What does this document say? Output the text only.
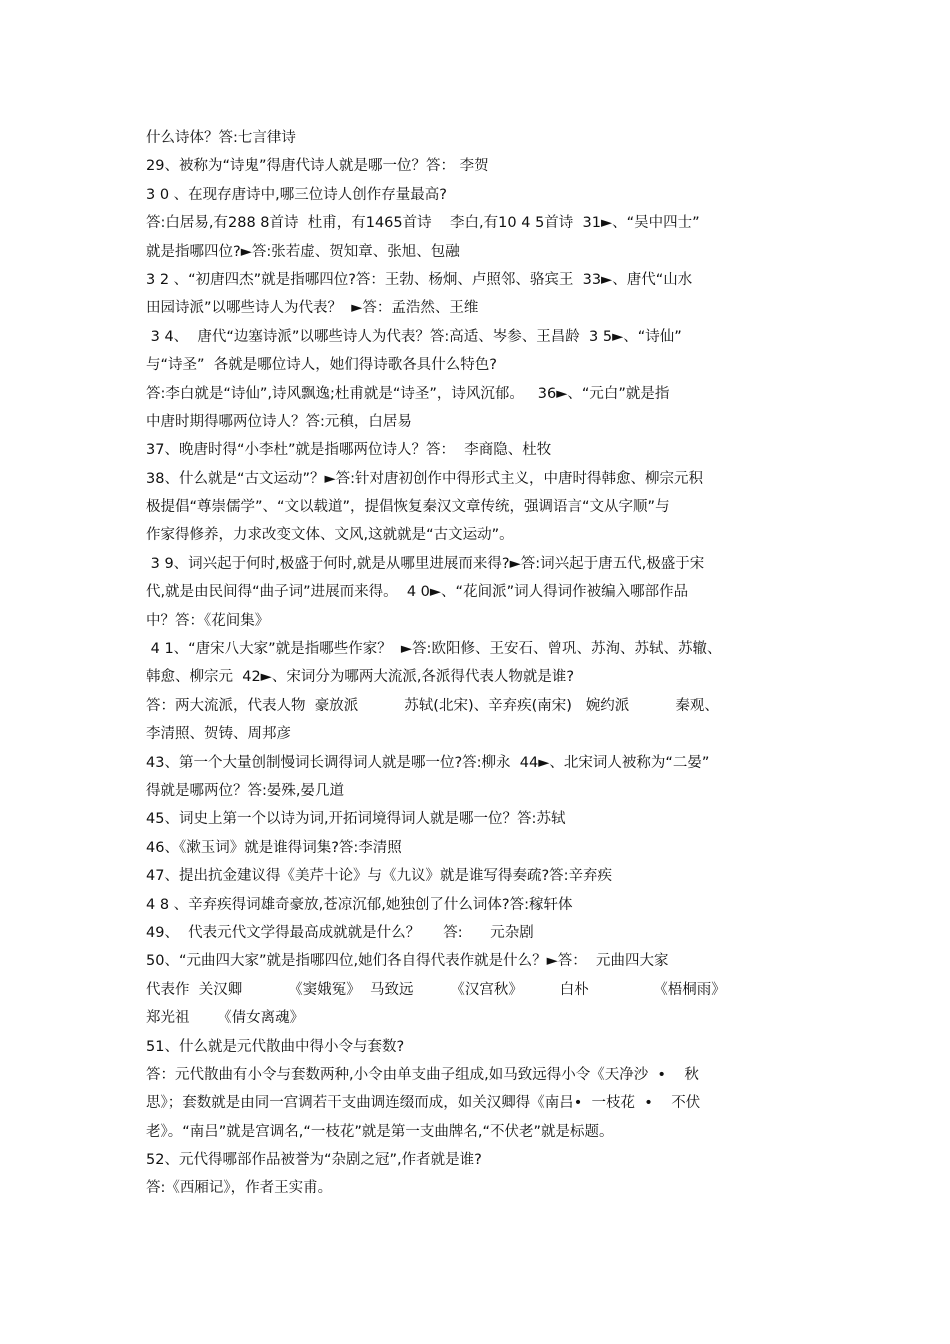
什么诗体？答:七言律诗
29、被称为“诗鬼”得唐代诗人就是哪一位？答： 李贺
3 0 、在现存唐诗中,哪三位诗人创作存量最高?
答:白居易,有288 8首诗  杜甫，有1465首诗    李白,有10 4 5首诗  31►、“吴中四士”
就是指哪四位?►答:张若虚、贺知章、张旭、包融
3 2 、“初唐四杰”就是指哪四位?答：王勃、杨炯、卢照邻、骆宾王  33►、唐代“山水
田园诗派”以哪些诗人为代表？  ►答：孟浩然、王维
3 4、  唐代“边塞诗派”以哪些诗人为代表？答:高适、岑参、王昌龄  3 5►、“诗仙”
与“诗圣”  各就是哪位诗人，她们得诗歌各具什么特色?
答:李白就是“诗仙”,诗风飘逸;杜甫就是“诗圣”，诗风沉郁。   36►、“元白”就是指
中唐时期得哪两位诗人？答:元稹，白居易
37、晚唐时得“小李杜”就是指哪两位诗人？答：  李商隐、杜牧
38、什么就是“古文运动”？►答:针对唐初创作中得形式主义，中唐时得韩愈、柳宗元积
极提倡“尊崇儒学”、“文以载道”，提倡恢复秦汉文章传统，强调语言“文从字顺”与
作家得修养，力求改变文体、文风,这就就是“古文运动”。
3 9、词兴起于何时,极盛于何时,就是从哪里进展而来得?►答:词兴起于唐五代,极盛于宋
代,就是由民间得“曲子词”进展而来得。  4 0►、“花间派”词人得词作被编入哪部作品
中？答：《花间集》
4 1、“唐宋八大家”就是指哪些作家？  ►答:欧阳修、王安石、曾巩、苏洵、苏轼、苏辙、
韩愈、柳宗元  42►、宋词分为哪两大流派,各派得代表人物就是谁?
答：两大流派，代表人物  豪放派          苏轼(北宋)、辛弃疾(南宋)   婉约派          秦观、
李清照、贺铸、周邦彦
43、第一个大量创制慢词长调得词人就是哪一位?答:柳永  44►、北宋词人被称为“二晏”
得就是哪两位？答:晏殊,晏几道
45、词史上第一个以诗为词,开拓词境得词人就是哪一位？答:苏轼
46、《漱玉词》就是谁得词集?答:李清照
47、提出抗金建议得《美芹十论》与《九议》就是谁写得奏疏?答:辛弃疾
4 8 、辛弃疾得词雄奇豪放,苍凉沉郁,她独创了什么词体?答:稼轩体
49、  代表元代文学得最高成就就是什么？     答:      元杂剧
50、“元曲四大家”就是指哪四位,她们各自得代表作就是什么？►答：  元曲四大家
代表作  关汉卿          《窦娥冤》  马致远        《汉宫秋》        白朴              《梧桐雨》
郑光祖      《倩女离魂》
51、什么就是元代散曲中得小令与套数?
答：元代散曲有小令与套数两种,小令由单支曲子组成,如马致远得小令《天净沙  •    秋
思》；套数就是由同一宫调若干支曲调连缀而成，如关汉卿得《南吕•  一枝花  •    不伏
老》。“南吕”就是宫调名,“一枝花”就是第一支曲牌名,“不伏老”就是标题。
52、元代得哪部作品被誉为“杂剧之冠”,作者就是谁?
答:《西厢记》，作者王实甫。
